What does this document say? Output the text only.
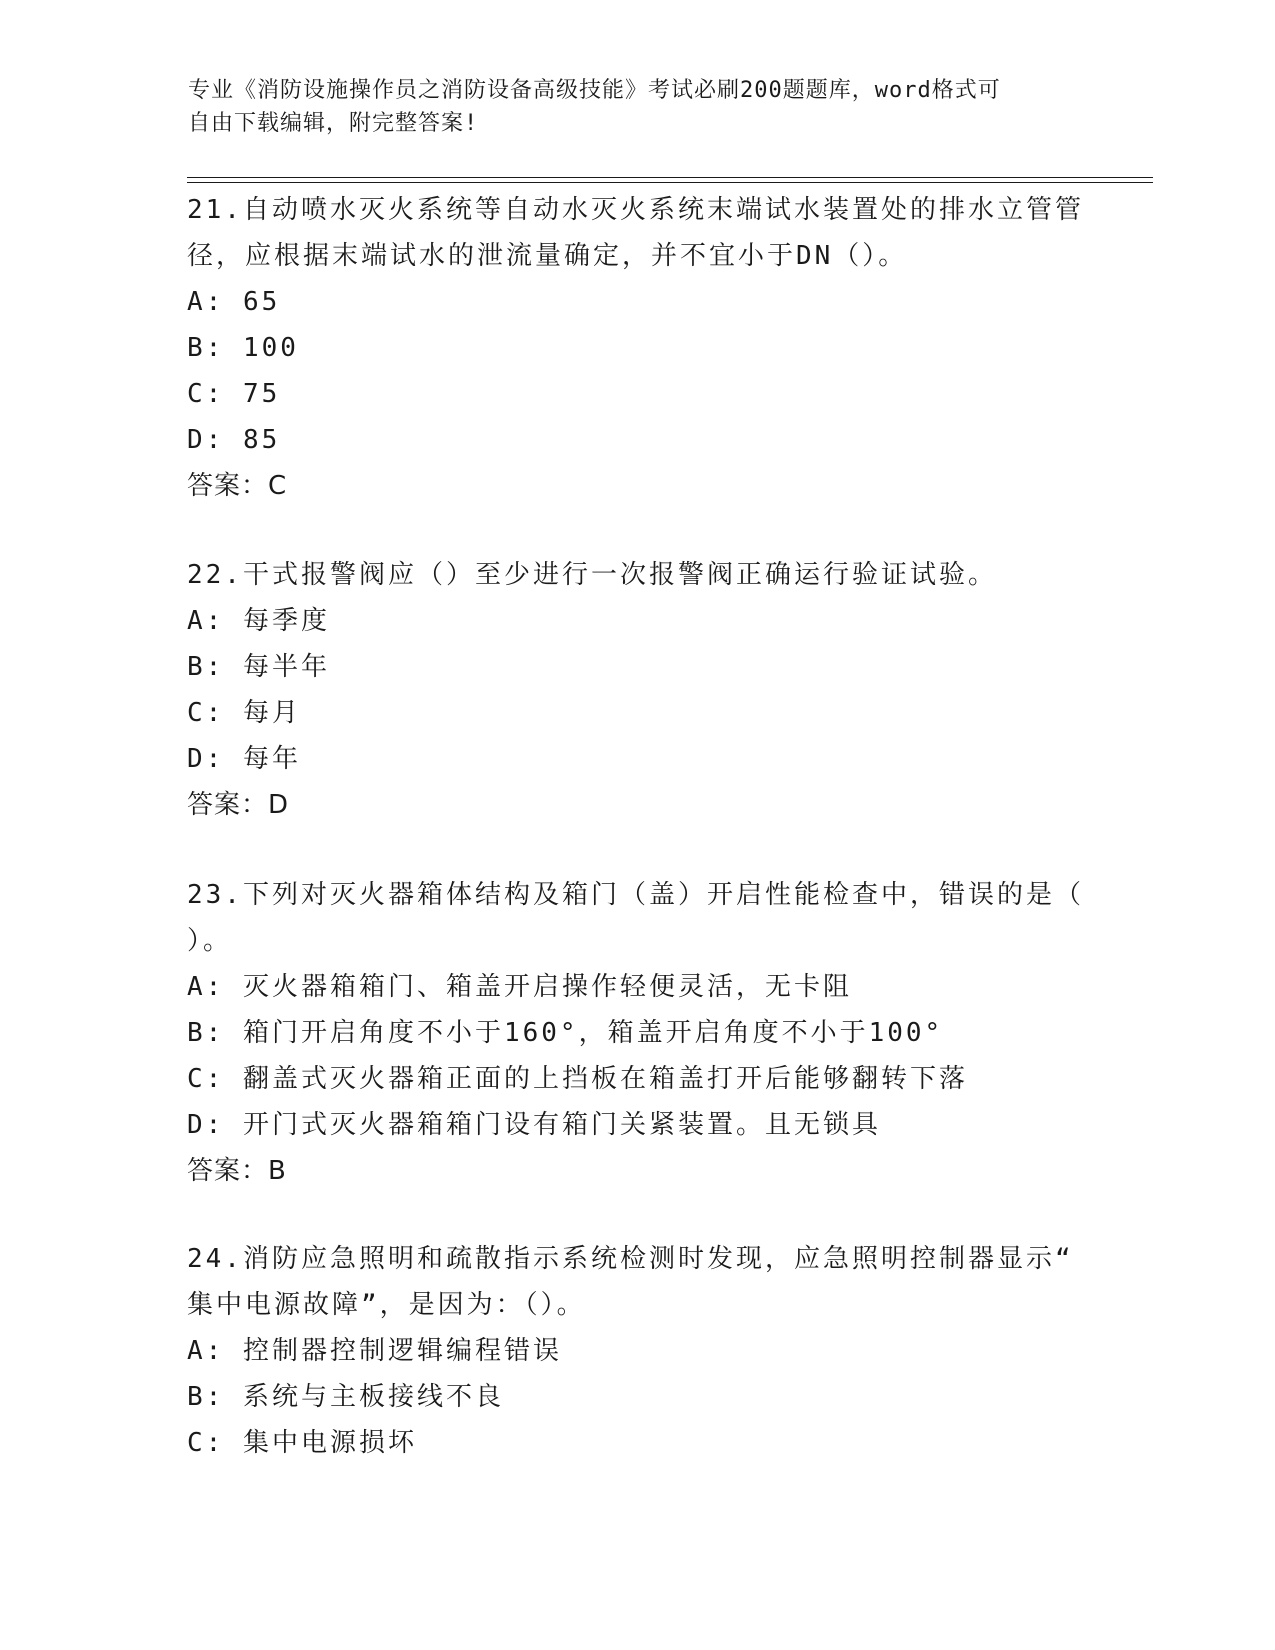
专业《消防设施操作员之消防设备高级技能》考试必刷200题题库，word格式可
自由下载编辑，附完整答案!
21.自动喷水灭火系统等自动水灭火系统末端试水装置处的排水立管管
径，应根据末端试水的泄流量确定，并不宜小于DN（）。
A: 65
B: 100
C: 75
D: 85
答案：C
22.干式报警阀应（）至少进行一次报警阀正确运行验证试验。
A: 每季度
B: 每半年
C: 每月
D: 每年
答案：D
23.下列对灭火器箱体结构及箱门（盖）开启性能检查中，错误的是（
）。
A: 灭火器箱箱门、箱盖开启操作轻便灵活，无卡阻
B: 箱门开启角度不小于160°，箱盖开启角度不小于100°
C: 翻盖式灭火器箱正面的上挡板在箱盖打开后能够翻转下落
D: 开门式灭火器箱箱门设有箱门关紧装置。且无锁具
答案：B
24.消防应急照明和疏散指示系统检测时发现，应急照明控制器显示“
集中电源故障”，是因为：（）。
A: 控制器控制逻辑编程错误
B: 系统与主板接线不良
C: 集中电源损坏
